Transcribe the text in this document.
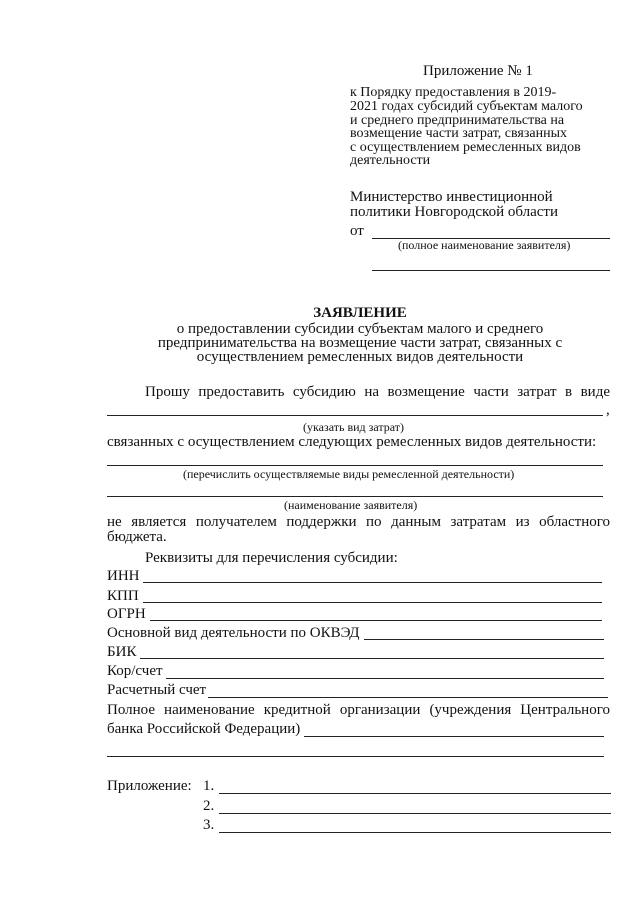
Приложение № 1
к Порядку предоставления в 2019-
2021 годах субсидий субъектам малого
и среднего предпринимательства на
возмещение части затрат, связанных
с осуществлением ремесленных видов
деятельности
Министерство инвестиционной
политики Новгородской области
от
(полное наименование заявителя)
ЗАЯВЛЕНИЕ
о предоставлении субсидии субъектам малого и среднего
предпринимательства на возмещение части затрат, связанных с
осуществлением ремесленных видов деятельности
Прошу предоставить субсидию на возмещение части затрат в виде
,
(указать вид затрат)
связанных с осуществлением следующих ремесленных видов деятельности:
(перечислить осуществляемые виды ремесленной деятельности)
(наименование заявителя)
не является получателем поддержки по данным затратам из областного
бюджета.
Реквизиты для перечисления субсидии:
ИНН
КПП
ОГРН
Основной вид деятельности по ОКВЭД
БИК
Кор/счет
Расчетный счет
Полное наименование кредитной организации (учреждения Центрального
банка Российской Федерации)
Приложение: 1.
2.
3.
